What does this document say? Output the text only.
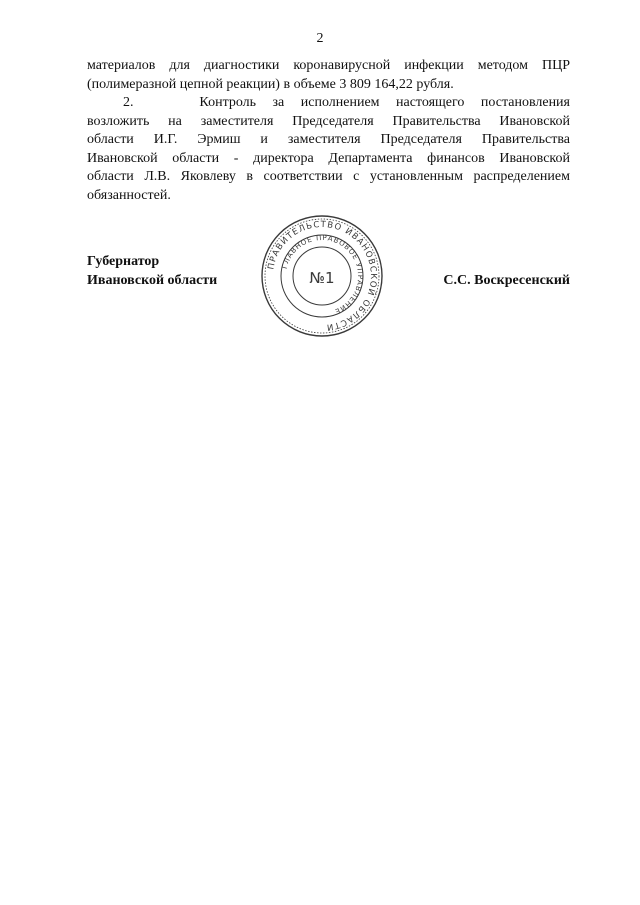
2

материалов для диагностики коронавирусной инфекции методом ПЦР
(полимеразной цепной реакции) в объеме 3 809 164,22 рубля.

2.    Контроль за исполнением настоящего постановления
возложить на заместителя Председателя Правительства Ивановской
области И.Г. Эрмиш и заместителя Председателя Правительства
Ивановской области - директора Департамента финансов Ивановской
области Л.В. Яковлеву в соответствии с установленным распределением
обязанностей.

Губернатор
Ивановской области	С.С. Воскресенский
ПРАВИТЕЛЬСТВО ИВАНОВСКОЙ ОБЛАСТИ
ГЛАВНОЕ ПРАВОВОЕ УПРАВЛЕНИЕ
№1
